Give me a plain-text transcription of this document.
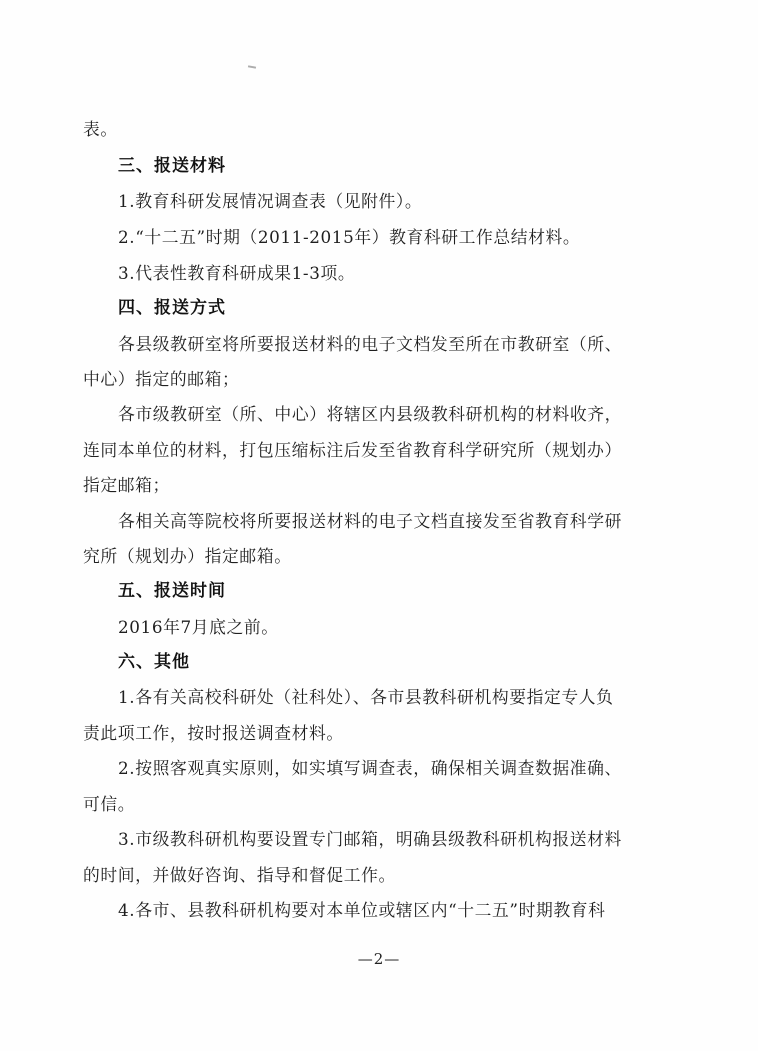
表。
三、报送材料
1.教育科研发展情况调查表（见附件）。
2.“十二五”时期（2011-2015年）教育科研工作总结材料。
3.代表性教育科研成果1-3项。
四、报送方式
各县级教研室将所要报送材料的电子文档发至所在市教研室（所、
中心）指定的邮箱；
各市级教研室（所、中心）将辖区内县级教科研机构的材料收齐，
连同本单位的材料，打包压缩标注后发至省教育科学研究所（规划办）
指定邮箱；
各相关高等院校将所要报送材料的电子文档直接发至省教育科学研
究所（规划办）指定邮箱。
五、报送时间
2016年7月底之前。
六、其他
1.各有关高校科研处（社科处）、各市县教科研机构要指定专人负
责此项工作，按时报送调查材料。
2.按照客观真实原则，如实填写调查表，确保相关调查数据准确、
可信。
3.市级教科研机构要设置专门邮箱，明确县级教科研机构报送材料
的时间，并做好咨询、指导和督促工作。
4.各市、县教科研机构要对本单位或辖区内“十二五”时期教育科
—2—
